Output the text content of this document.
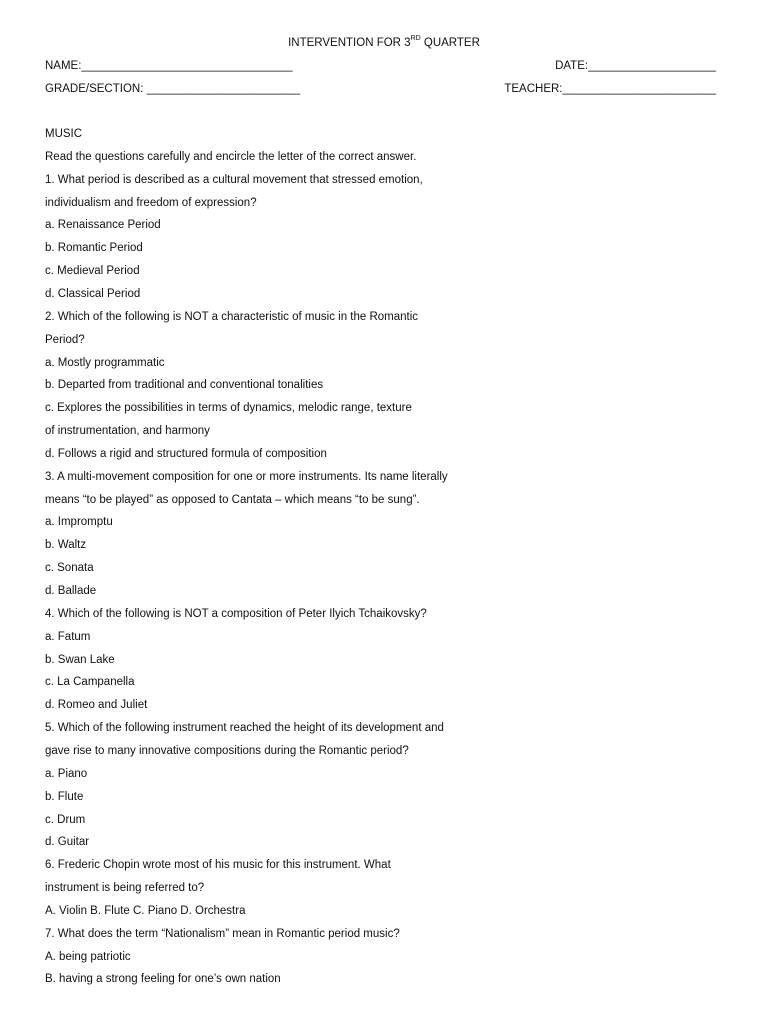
INTERVENTION FOR 3RD QUARTER
NAME:_________________________________	DATE:____________________
GRADE/SECTION: ________________________	TEACHER:________________________
MUSIC
Read the questions carefully and encircle the letter of the correct answer.
1. What period is described as a cultural movement that stressed emotion,
individualism and freedom of expression?
a. Renaissance Period
b. Romantic Period
c. Medieval Period
d. Classical Period
2. Which of the following is NOT a characteristic of music in the Romantic
Period?
a. Mostly programmatic
b. Departed from traditional and conventional tonalities
c. Explores the possibilities in terms of dynamics, melodic range, texture
of instrumentation, and harmony
d. Follows a rigid and structured formula of composition
3. A multi-movement composition for one or more instruments. Its name literally
means “to be played” as opposed to Cantata – which means “to be sung”.
a. Impromptu
b. Waltz
c. Sonata
d. Ballade
4. Which of the following is NOT a composition of Peter Ilyich Tchaikovsky?
a. Fatum
b. Swan Lake
c. La Campanella
d. Romeo and Juliet
5. Which of the following instrument reached the height of its development and
gave rise to many innovative compositions during the Romantic period?
a. Piano
b. Flute
c. Drum
d. Guitar
6. Frederic Chopin wrote most of his music for this instrument. What
instrument is being referred to?
A. Violin B. Flute C. Piano D. Orchestra
7. What does the term “Nationalism” mean in Romantic period music?
A. being patriotic
B. having a strong feeling for one’s own nation
